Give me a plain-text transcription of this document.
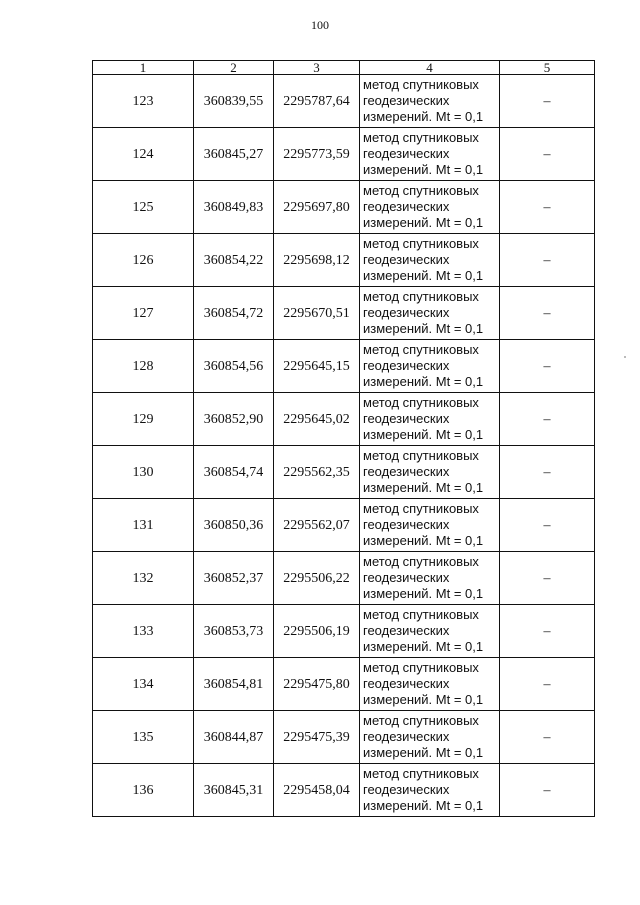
100
1	2	3	4	5
123	360839,55	2295787,64	метод спутниковых геодезических измерений. Mt = 0,1	–
124	360845,27	2295773,59	метод спутниковых геодезических измерений. Mt = 0,1	–
125	360849,83	2295697,80	метод спутниковых геодезических измерений. Mt = 0,1	–
126	360854,22	2295698,12	метод спутниковых геодезических измерений. Mt = 0,1	–
127	360854,72	2295670,51	метод спутниковых геодезических измерений. Mt = 0,1	–
128	360854,56	2295645,15	метод спутниковых геодезических измерений. Mt = 0,1	–
129	360852,90	2295645,02	метод спутниковых геодезических измерений. Mt = 0,1	–
130	360854,74	2295562,35	метод спутниковых геодезических измерений. Mt = 0,1	–
131	360850,36	2295562,07	метод спутниковых геодезических измерений. Mt = 0,1	–
132	360852,37	2295506,22	метод спутниковых геодезических измерений. Mt = 0,1	–
133	360853,73	2295506,19	метод спутниковых геодезических измерений. Mt = 0,1	–
134	360854,81	2295475,80	метод спутниковых геодезических измерений. Mt = 0,1	–
135	360844,87	2295475,39	метод спутниковых геодезических измерений. Mt = 0,1	–
136	360845,31	2295458,04	метод спутниковых геодезических измерений. Mt = 0,1	–
